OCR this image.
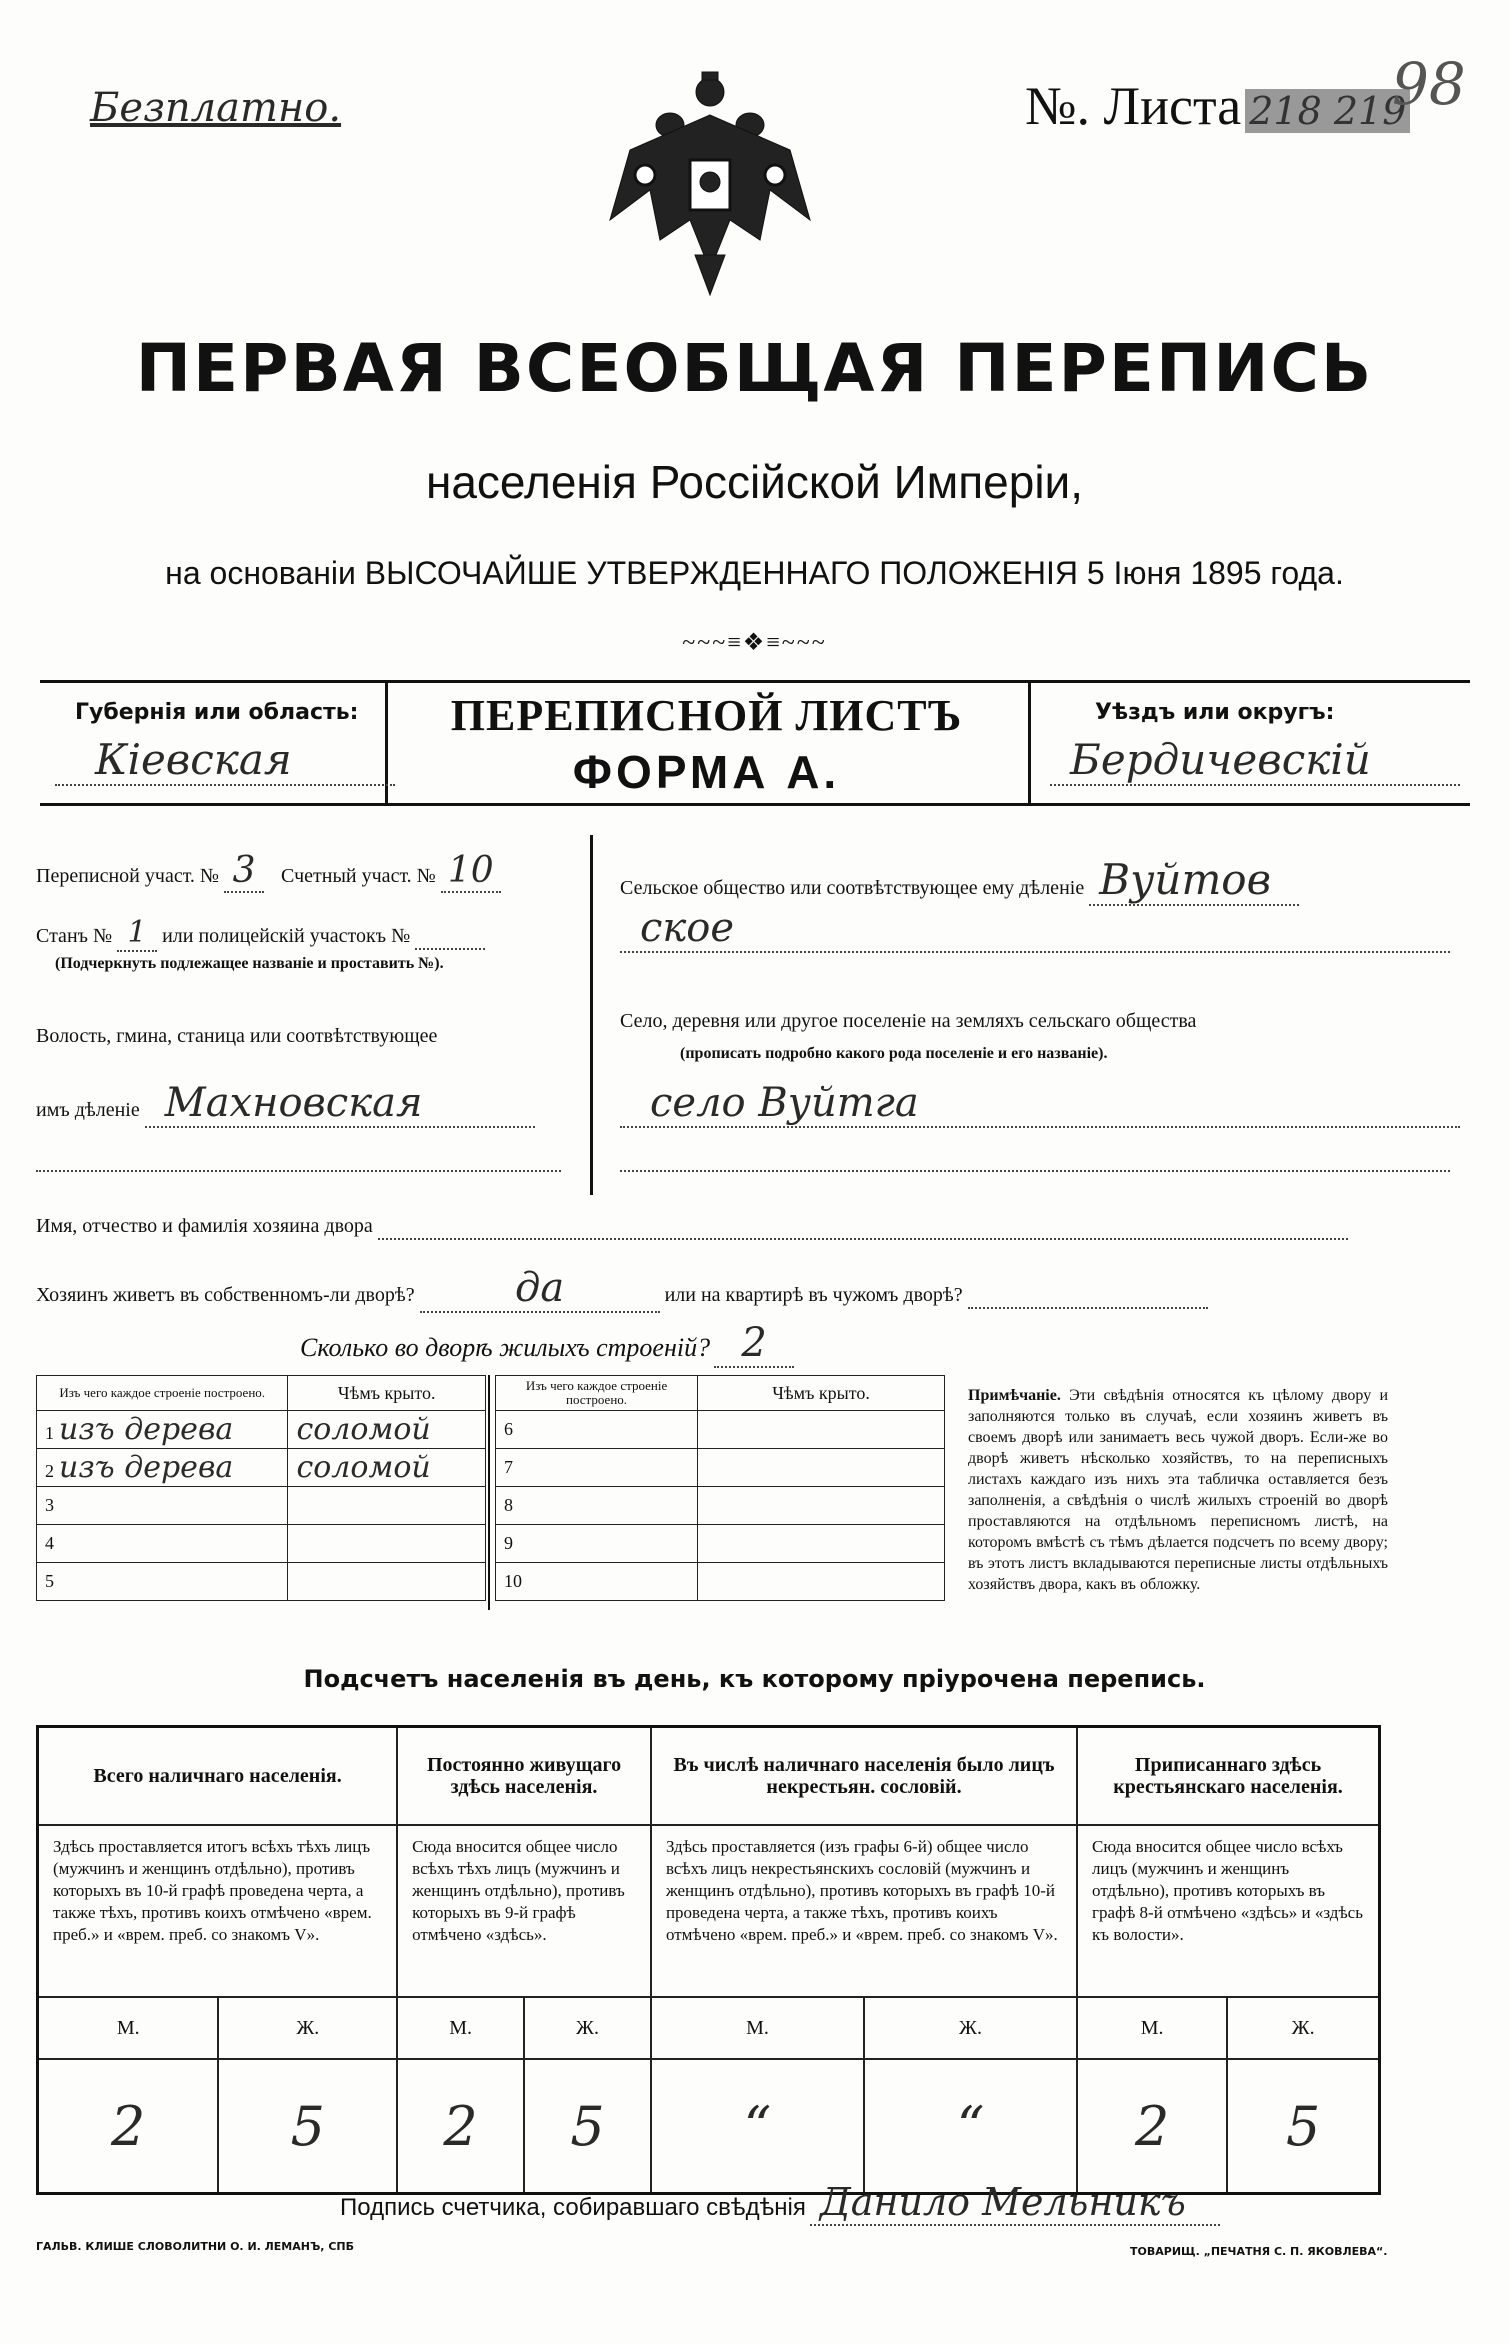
Безплатно.	№. Листа 218 219
98
ПЕРВАЯ ВСЕОБЩАЯ ПЕРЕПИСЬ
населенія Россійской Имперіи,
на основаніи ВЫСОЧАЙШЕ УТВЕРЖДЕННАГО ПОЛОЖЕНІЯ 5 Іюня 1895 года.
~~~≡❖≡~~~
Губернія или область:
Кіевская
ПЕРЕПИСНОЙ ЛИСТЪ
ФОРМА А.
Уѣздъ или округъ:
Бердичевскій
Переписной участ. № 3 Счетный участ. № 10
Станъ № 1 или полицейскій участокъ №
(Подчеркнуть подлежащее названіе и проставить №).
Волость, гмина, станица или соотвѣтствующее
имъ дѣленіе Махновская
Сельское общество или соотвѣтствующее ему дѣленіе Вуйтов
ское
Село, деревня или другое поселеніе на земляхъ сельскаго общества
(прописать подробно какого рода поселеніе и его названіе).
село Вуйтга
Имя, отчество и фамилія хозяина двора
Хозяинъ живетъ въ собственномъ-ли дворѣ?	да	или на квартирѣ въ чужомъ дворѣ?
Сколько во дворѣ жилыхъ строеній? 2
Изъ чего каждое строеніе построено.	Чѣмъ крыто.
1 изъ дерева	соломой
2 изъ дерева	соломой
3	
4	
5	
Изъ чего каждое строеніе построено.	Чѣмъ крыто.
6	
7	
8	
9	
10	
Примѣчаніе. Эти свѣдѣнія относятся къ цѣлому двору и заполняются только въ случаѣ, если хозяинъ живетъ въ своемъ дворѣ или занимаетъ весь чужой дворъ. Если-же во дворѣ живетъ нѣсколько хозяйствъ, то на переписныхъ листахъ каждаго изъ нихъ эта табличка оставляется безъ заполненія, а свѣдѣнія о числѣ жилыхъ строеній во дворѣ проставляются на отдѣльномъ переписномъ листѣ, на которомъ вмѣстѣ съ тѣмъ дѣлается подсчетъ по всему двору; въ этотъ листъ вкладываются переписные листы отдѣльныхъ хозяйствъ двора, какъ въ обложку.
Подсчетъ населенія въ день, къ которому пріурочена перепись.
Всего наличнаго населенія.		Постоянно живущаго здѣсь населенія.		Въ числѣ наличнаго населенія было лицъ некрестьян. сословій.		Приписаннаго здѣсь крестьянскаго населенія.	
Здѣсь проставляется итогъ всѣхъ тѣхъ лицъ (мужчинъ и женщинъ отдѣльно), противъ которыхъ въ 10-й графѣ проведена черта, а также тѣхъ, противъ коихъ отмѣчено «врем. преб.» и «врем. преб. со знакомъ V».		Сюда вносится общее число всѣхъ тѣхъ лицъ (мужчинъ и женщинъ отдѣльно), противъ которыхъ въ 9-й графѣ отмѣчено «здѣсь».		Здѣсь проставляется (изъ графы 6-й) общее число всѣхъ лицъ некрестьянскихъ сословій (мужчинъ и женщинъ отдѣльно), противъ которыхъ въ графѣ 10-й проведена черта, а также тѣхъ, противъ коихъ отмѣчено «врем. преб.» и «врем. преб. со знакомъ V».		Сюда вносится общее число всѣхъ лицъ (мужчинъ и женщинъ отдѣльно), противъ которыхъ въ графѣ 8-й отмѣчено «здѣсь» и «здѣсь къ волости».	
М.	Ж.	М.	Ж.	М.	Ж.	М.	Ж.
2	5	2	5	“	“	2	5
Подпись счетчика, собиравшаго свѣдѣнія Данило Мельникъ
ГАЛЬВ. КЛИШЕ СЛОВОЛИТНИ О. И. ЛЕМАНЪ, СПБ	ТОВАРИЩ. „ПЕЧАТНЯ С. П. ЯКОВЛЕВА“.
